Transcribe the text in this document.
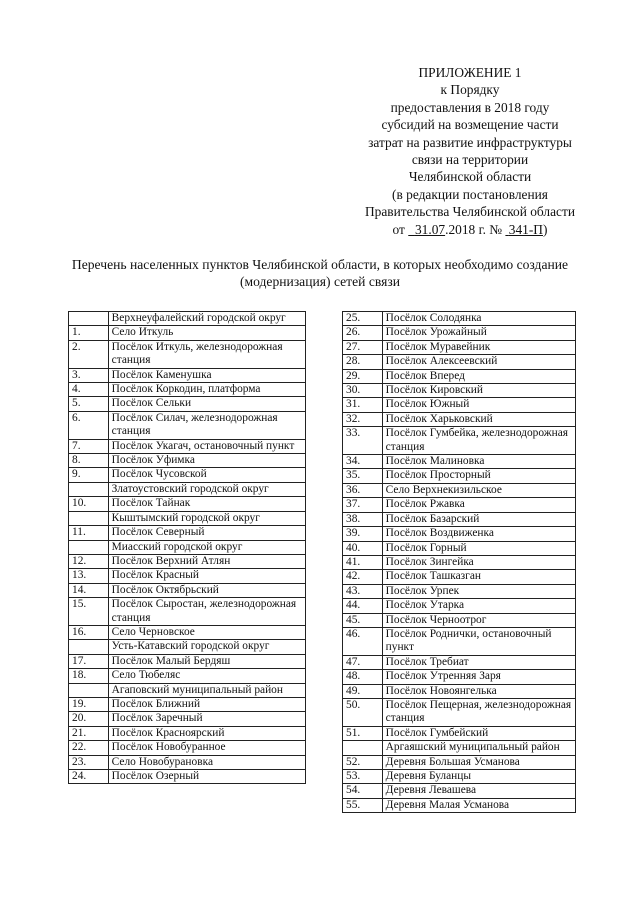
ПРИЛОЖЕНИЕ 1
к Порядку
предоставления в 2018 году
субсидий на возмещение части
затрат на развитие инфраструктуры
связи на территории
Челябинской области
(в редакции постановления
Правительства Челябинской области
от 31.07.2018 г. № 341-П)
Перечень населенных пунктов Челябинской области, в которых необходимо создание (модернизация) сетей связи
	Верхнеуфалейский городской округ
1.	Село Иткуль
2.	Посёлок Иткуль, железнодорожная станция
3.	Посёлок Каменушка
4.	Посёлок Коркодин, платформа
5.	Посёлок Сельки
6.	Посёлок Силач, железнодорожная станция
7.	Посёлок Укагач, остановочный пункт
8.	Посёлок Уфимка
9.	Посёлок Чусовской
	Златоустовский городской округ
10.	Посёлок Тайнак
	Кыштымский городской округ
11.	Посёлок Северный
	Миасский городской округ
12.	Посёлок Верхний Атлян
13.	Посёлок Красный
14.	Посёлок Октябрьский
15.	Посёлок Сыростан, железнодорожная станция
16.	Село Черновское
	Усть-Катавский городской округ
17.	Посёлок Малый Бердяш
18.	Село Тюбеляс
	Агаповский муниципальный район
19.	Посёлок Ближний
20.	Посёлок Заречный
21.	Посёлок Красноярский
22.	Посёлок Новобуранное
23.	Село Новобурановка
24.	Посёлок Озерный
25.	Посёлок Солодянка
26.	Посёлок Урожайный
27.	Посёлок Муравейник
28.	Посёлок Алексеевский
29.	Посёлок Вперед
30.	Посёлок Кировский
31.	Посёлок Южный
32.	Посёлок Харьковский
33.	Посёлок Гумбейка, железнодорожная станция
34.	Посёлок Малиновка
35.	Посёлок Просторный
36.	Село Верхнекизильское
37.	Посёлок Ржавка
38.	Посёлок Базарский
39.	Посёлок Воздвиженка
40.	Посёлок Горный
41.	Посёлок Зингейка
42.	Посёлок Ташказган
43.	Посёлок Урпек
44.	Посёлок Утарка
45.	Посёлок Черноотрог
46.	Посёлок Роднички, остановочный пункт
47.	Посёлок Требиат
48.	Посёлок Утренняя Заря
49.	Посёлок Новоянгелька
50.	Посёлок Пещерная, железнодорожная станция
51.	Посёлок Гумбейский
	Аргаяшский муниципальный район
52.	Деревня Большая Усманова
53.	Деревня Буланцы
54.	Деревня Левашева
55.	Деревня Малая Усманова
